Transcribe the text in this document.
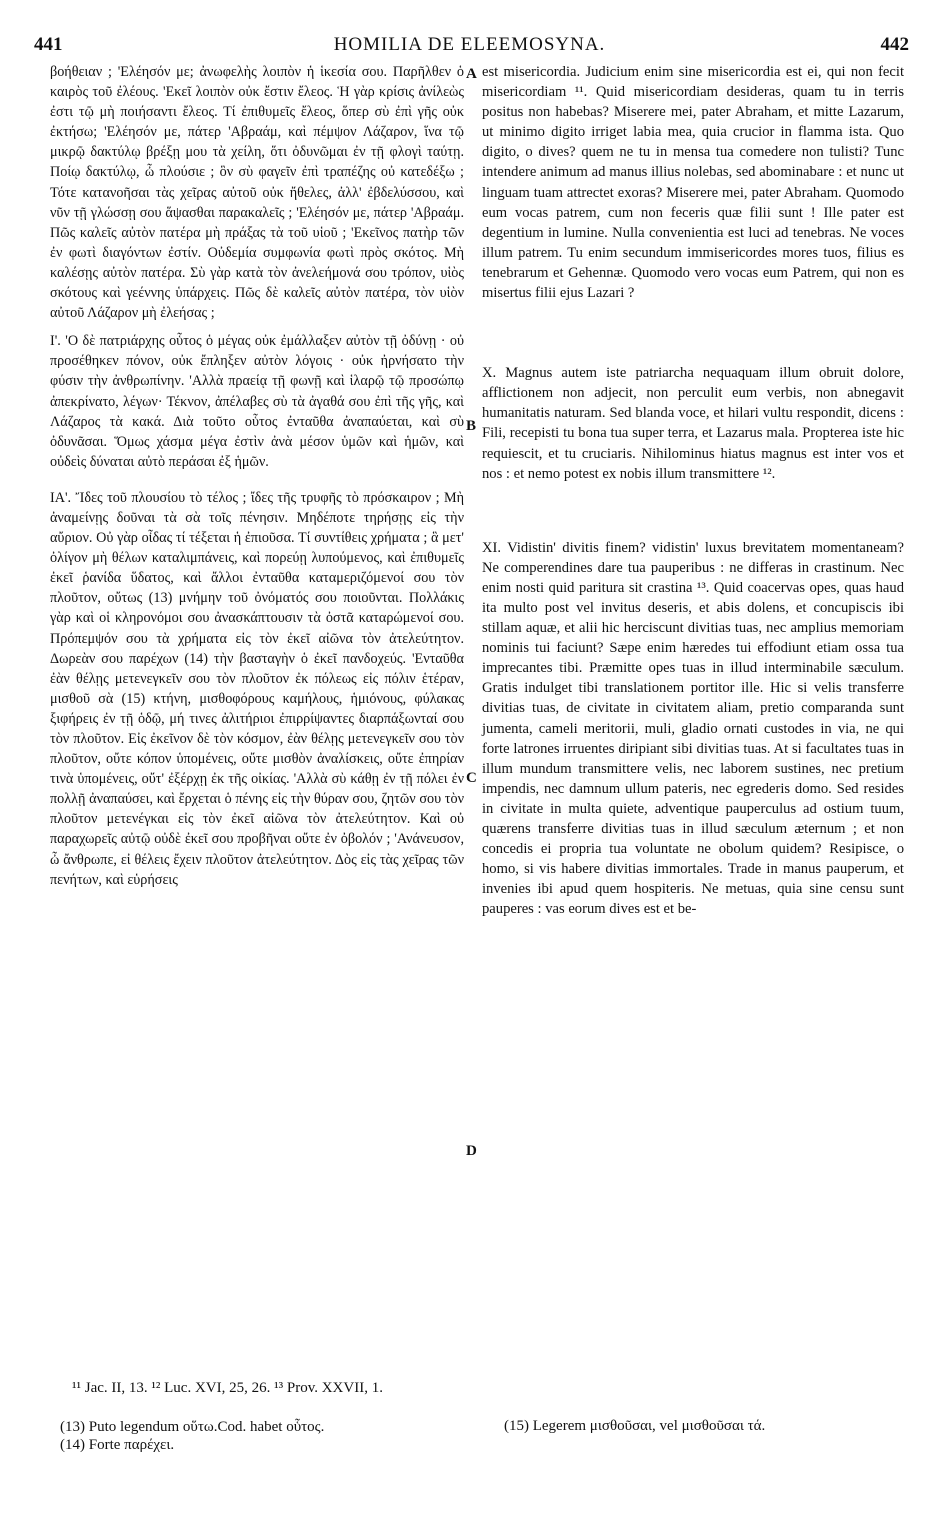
441	HOMILIA DE ELEEMOSYNA.	442

βοήθειαν ; 'Ελέησόν με; ἀνωφελὴς λοιπὸν ἡ ἱκεσία σου. Παρῆλθεν ὁ καιρὸς τοῦ ἐλέους. 'Εκεῖ λοιπὸν οὐκ ἔστιν ἔλεος. Ἡ γὰρ κρίσις ἀνίλεὼς ἐστι τῷ μὴ ποιήσαντι ἔλεος. Τί ἐπιθυμεῖς ἔλεος, ὅπερ σὺ ἐπὶ γῆς οὐκ ἐκτήσω; 'Ελέησόν με, πάτερ 'Αβραάμ, καὶ πέμψον Λάζαρον, ἵνα τῷ μικρῷ δακτύλῳ βρέξῃ μου τὰ χείλη, ὅτι ὀδυνῶμαι ἐν τῇ φλογὶ ταύτῃ. Ποίῳ δακτύλῳ, ὦ πλούσιε ; ὃν σὺ φαγεῖν ἐπὶ τραπέζης οὐ κατεδέξω ; Τότε κατανοῆσαι τὰς χεῖρας αὐτοῦ οὐκ ἤθελες, ἀλλ' ἐβδελύσσου, καὶ νῦν τῇ γλώσσῃ σου ἅψασθαι παρακαλεῖς ; 'Ελέησόν με, πάτερ 'Αβραάμ. Πῶς καλεῖς αὐτὸν πατέρα μὴ πράξας τὰ τοῦ υἱοῦ ; 'Εκεῖνος πατὴρ τῶν ἐν φωτὶ διαγόντων ἐστίν. Οὐδεμία συμφωνία φωτὶ πρὸς σκότος. Μὴ καλέσῃς αὐτὸν πατέρα. Σὺ γὰρ κατὰ τὸν ἀνελεήμονά σου τρόπον, υἱὸς σκότους καὶ γεέννης ὑπάρχεις. Πῶς δὲ καλεῖς αὐτὸν πατέρα, τὸν υἱὸν αὐτοῦ Λάζαρον μὴ ἐλεήσας ;

Ι'. 'Ο δὲ πατριάρχης οὗτος ὁ μέγας οὐκ ἐμάλλαξεν αὐτὸν τῇ ὀδύνῃ · οὐ προσέθηκεν πόνον, οὐκ ἔπληξεν αὐτὸν λόγοις · οὐκ ἠρνήσατο τὴν φύσιν τὴν ἀνθρωπίνην. 'Αλλὰ πραείᾳ τῇ φωνῇ καὶ ἱλαρῷ τῷ προσώπῳ ἀπεκρίνατο, λέγων· Τέκνον, ἀπέλαβες σὺ τὰ ἀγαθά σου ἐπὶ τῆς γῆς, καὶ Λάζαρος τὰ κακά. Διὰ τοῦτο οὗτος ἐνταῦθα ἀναπαύεται, καὶ σὺ ὀδυνᾶσαι. Ὅμως χάσμα μέγα ἐστὶν ἀνὰ μέσον ὑμῶν καὶ ἡμῶν, καὶ οὐδεὶς δύναται αὐτὸ περάσαι ἐξ ἡμῶν.

ΙΑ'. Ἴδες τοῦ πλουσίου τὸ τέλος ; ἴδες τῆς τρυφῆς τὸ πρόσκαιρον ; Μὴ ἀναμείνῃς δοῦναι τὰ σὰ τοῖς πένησιν. Μηδέποτε τηρήσῃς εἰς τὴν αὔριον. Οὐ γὰρ οἶδας τί τέξεται ἡ ἐπιοῦσα. Τί συντίθεις χρήματα ; ἃ μετ' ὀλίγον μὴ θέλων καταλιμπάνεις, καὶ πορεύῃ λυπούμενος, καὶ ἐπιθυμεῖς ἐκεῖ ῥανίδα ὕδατος, καὶ ἄλλοι ἐνταῦθα καταμεριζόμενοί σου τὸν πλοῦτον, οὔτως (13) μνήμην τοῦ ὀνόματός σου ποιοῦνται. Πολλάκις γὰρ καὶ οἱ κληρονόμοι σου ἀνασκάπτουσιν τὰ ὀστᾶ καταρώμενοί σου. Πρόπεμψόν σου τὰ χρήματα εἰς τὸν ἐκεῖ αἰῶνα τὸν ἀτελεύτητον. Δωρεὰν σου παρέχων (14) τὴν βασταγὴν ὁ ἐκεῖ πανδοχεύς. 'Ενταῦθα ἐὰν θέλῃς μετενεγκεῖν σου τὸν πλοῦτον ἐκ πόλεως εἰς πόλιν ἑτέραν, μισθοῦ σὰ (15) κτήνη, μισθοφόρους καμήλους, ἡμιόνους, φύλακας ξιφήρεις ἐν τῇ ὁδῷ, μή τινες ἀλιτήριοι ἐπιρρίψαντες διαρπάξωνταί σου τὸν πλοῦτον. Εἰς ἐκεῖνον δὲ τὸν κόσμον, ἐὰν θέλῃς μετενεγκεῖν σου τὸν πλοῦτον, οὔτε κόπον ὑπομένεις, οὔτε μισθὸν ἀναλίσκεις, οὔτε ἐπηρίαν τινὰ ὑπομένεις, οὔτ' ἐξέρχῃ ἐκ τῆς οἰκίας. 'Αλλὰ σὺ κάθῃ ἐν τῇ πόλει ἐν πολλῇ ἀναπαύσει, καὶ ἔρχεται ὁ πένης εἰς τὴν θύραν σου, ζητῶν σου τὸν πλοῦτον μετενέγκαι εἰς τὸν ἐκεῖ αἰῶνα τὸν ἀτελεύτητον. Καὶ οὐ παραχωρεῖς αὐτῷ οὐδὲ ἐκεῖ σου προβῆναι οὔτε ἐν ὀβολόν ; 'Ανάνευσον, ὦ ἄνθρωπε, εἰ θέλεις ἔχειν πλοῦτον ἀτελεύτητον. Δὸς εἰς τὰς χεῖρας τῶν πενήτων, καὶ εὑρήσεις

A
B
C
D

est misericordia. Judicium enim sine misericordia est ei, qui non fecit misericordiam ¹¹. Quid misericordiam desideras, quam tu in terris positus non habebas? Miserere mei, pater Abraham, et mitte Lazarum, ut minimo digito irriget labia mea, quia crucior in flamma ista. Quo digito, o dives? quem ne tu in mensa tua comedere non tulisti? Tunc intendere animum ad manus illius nolebas, sed abominabare : et nunc ut linguam tuam attrectet exoras? Miserere mei, pater Abraham. Quomodo eum vocas patrem, cum non feceris quæ filii sunt ! Ille pater est degentium in lumine. Nulla convenientia est luci ad tenebras. Ne voces illum patrem. Tu enim secundum immisericordes mores tuos, filius es tenebrarum et Gehennæ. Quomodo vero vocas eum Patrem, qui non es misertus filii ejus Lazari ?

X. Magnus autem iste patriarcha nequaquam illum obruit dolore, afflictionem non adjecit, non perculit eum verbis, non abnegavit humanitatis naturam. Sed blanda voce, et hilari vultu respondit, dicens : Fili, recepisti tu bona tua super terra, et Lazarus mala. Propterea iste hic requiescit, et tu cruciaris. Nihilominus hiatus magnus est inter vos et nos : et nemo potest ex nobis illum transmittere ¹².

XI. Vidistin' divitis finem? vidistin' luxus brevitatem momentaneam? Ne comperendines dare tua pauperibus : ne differas in crastinum. Nec enim nosti quid paritura sit crastina ¹³. Quid coacervas opes, quas haud ita multo post vel invitus deseris, et abis dolens, et concupiscis ibi stillam aquæ, et alii hic herciscunt divitias tuas, nec amplius memoriam nominis tui faciunt? Sæpe enim hæredes tui effodiunt etiam ossa tua imprecantes tibi. Præmitte opes tuas in illud interminabile sæculum. Gratis indulget tibi translationem portitor ille. Hic si velis transferre divitias tuas, de civitate in civitatem aliam, pretio comparanda sunt jumenta, cameli meritorii, muli, gladio ornati custodes in via, ne qui forte latrones irruentes diripiant sibi divitias tuas. At si facultates tuas in illum mundum transmittere velis, nec laborem sustines, nec pretium impendis, nec damnum ullum pateris, nec egrederis domo. Sed resides in civitate in multa quiete, adventique pauperculus ad ostium tuum, quærens transferre divitias tuas in illud sæculum æternum ; et non concedis ei propria tua voluntate ne obolum quidem? Resipisce, o homo, si vis habere divitias immortales. Trade in manus pauperum, et invenies ibi apud quem hospiteris. Ne metuas, quia sine censu sunt pauperes : vas eorum dives est et be-

¹¹ Jac. II, 13. ¹² Luc. XVI, 25, 26. ¹³ Prov. XXVII, 1.
(13) Puto legendum οὕτω.Cod. habet οὗτος.
(14) Forte παρέχει.
(15) Legerem μισθοῦσαι, vel μισθοῦσαι τά.
